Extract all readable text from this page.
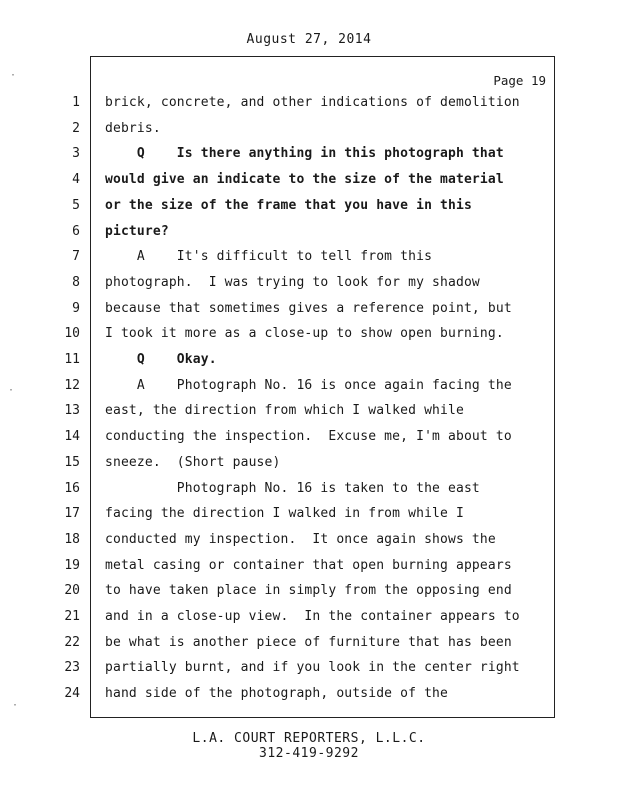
August 27, 2014
·
·
·
Page 19
1 brick, concrete, and other indications of demolition
2 debris.
3 Q    Is there anything in this photograph that
4 would give an indicate to the size of the material
5 or the size of the frame that you have in this
6 picture?
7 A    It's difficult to tell from this
8 photograph.  I was trying to look for my shadow
9 because that sometimes gives a reference point, but
10 I took it more as a close-up to show open burning.
11 Q    Okay.
12 A    Photograph No. 16 is once again facing the
13 east, the direction from which I walked while
14 conducting the inspection.  Excuse me, I'm about to
15 sneeze.  (Short pause)
16 Photograph No. 16 is taken to the east
17 facing the direction I walked in from while I
18 conducted my inspection.  It once again shows the
19 metal casing or container that open burning appears
20 to have taken place in simply from the opposing end
21 and in a close-up view.  In the container appears to
22 be what is another piece of furniture that has been
23 partially burnt, and if you look in the center right
24 hand side of the photograph, outside of the
L.A. COURT REPORTERS, L.L.C.
312-419-9292
